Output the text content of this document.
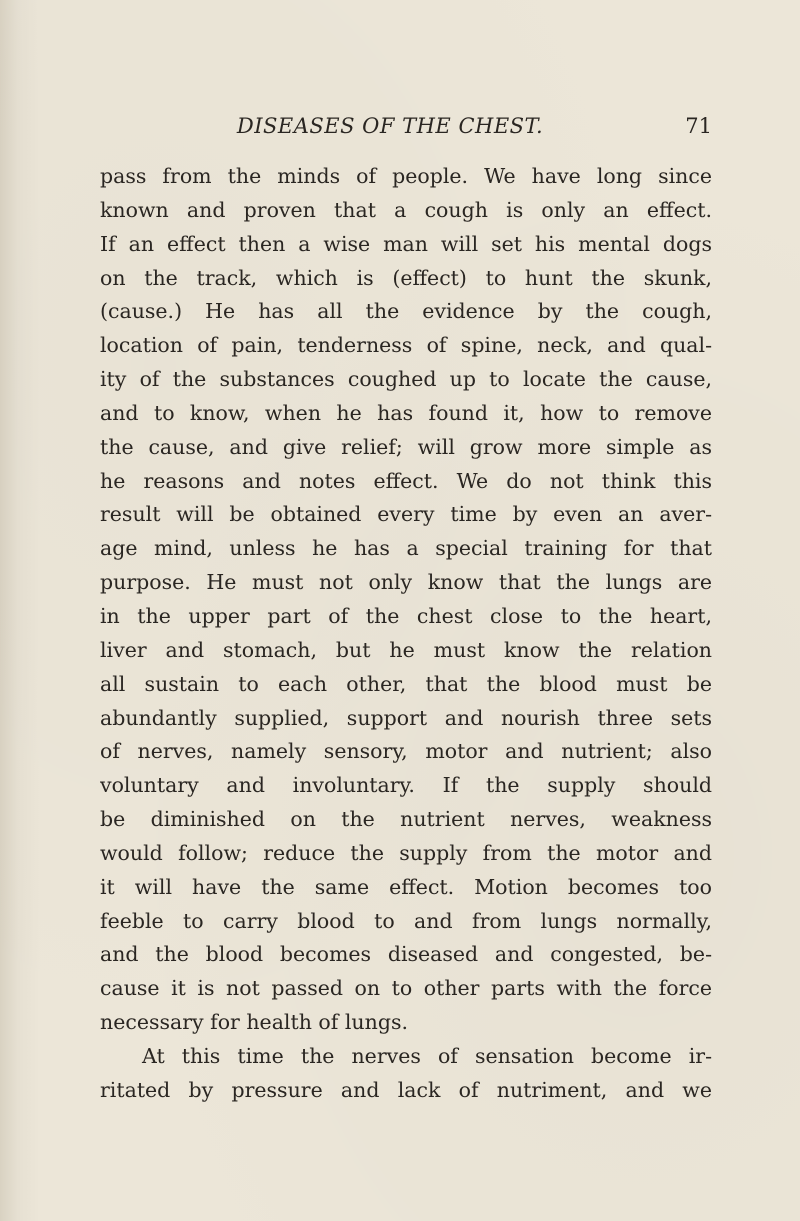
DISEASES OF THE CHEST.	71
pass from the minds of people. We have long since
known and proven that a cough is only an effect.
If an effect then a wise man will set his mental dogs
on the track, which is (effect) to hunt the skunk,
(cause.) He has all the evidence by the cough,
location of pain, tenderness of spine, neck, and qual-
ity of the substances coughed up to locate the cause,
and to know, when he has found it, how to remove
the cause, and give relief; will grow more simple as
he reasons and notes effect. We do not think this
result will be obtained every time by even an aver-
age mind, unless he has a special training for that
purpose. He must not only know that the lungs are
in the upper part of the chest close to the heart,
liver and stomach, but he must know the relation
all sustain to each other, that the blood must be
abundantly supplied, support and nourish three sets
of nerves, namely sensory, motor and nutrient; also
voluntary and involuntary. If the supply should
be diminished on the nutrient nerves, weakness
would follow; reduce the supply from the motor and
it will have the same effect. Motion becomes too
feeble to carry blood to and from lungs normally,
and the blood becomes diseased and congested, be-
cause it is not passed on to other parts with the force
necessary for health of lungs.
At this time the nerves of sensation become ir-
ritated by pressure and lack of nutriment, and we
